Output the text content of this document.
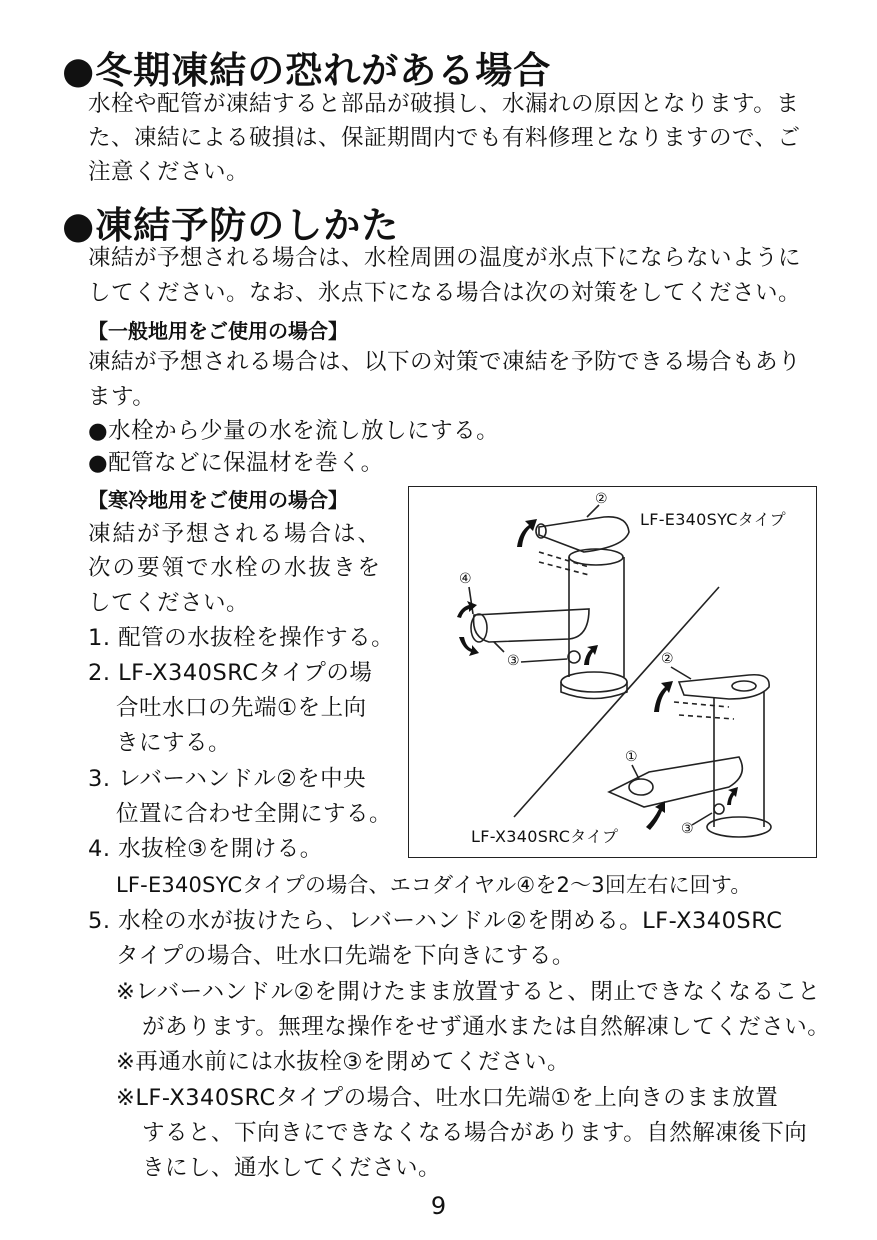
●冬期凍結の恐れがある場合
水栓や配管が凍結すると部品が破損し、水漏れの原因となります。ま
た、凍結による破損は、保証期間内でも有料修理となりますので、ご
注意ください。
●凍結予防のしかた
凍結が予想される場合は、水栓周囲の温度が氷点下にならないように
してください。なお、氷点下になる場合は次の対策をしてください。
【一般地用をご使用の場合】
凍結が予想される場合は、以下の対策で凍結を予防できる場合もあり
ます。
●水栓から少量の水を流し放しにする。
●配管などに保温材を巻く。
【寒冷地用をご使用の場合】
凍結が予想される場合は、
次の要領で水栓の水抜きを
してください。
1. 配管の水抜栓を操作する。
2. LF-X340SRCタイプの場
合吐水口の先端①を上向
きにする。
3. レバーハンドル②を中央
位置に合わせ全開にする。
4. 水抜栓③を開ける。
LF-E340SYCタイプの場合、エコダイヤル④を2～3回左右に回す。
5. 水栓の水が抜けたら、レバーハンドル②を閉める。LF-X340SRC
タイプの場合、吐水口先端を下向きにする。
※レバーハンドル②を開けたまま放置すると、閉止できなくなること
があります。無理な操作をせず通水または自然解凍してください。
※再通水前には水抜栓③を閉めてください。
※LF-X340SRCタイプの場合、吐水口先端①を上向きのまま放置
すると、下向きにできなくなる場合があります。自然解凍後下向
きにし、通水してください。
LF-E340SYCタイプ
LF-X340SRCタイプ
②
④
③	②
①
③
9
